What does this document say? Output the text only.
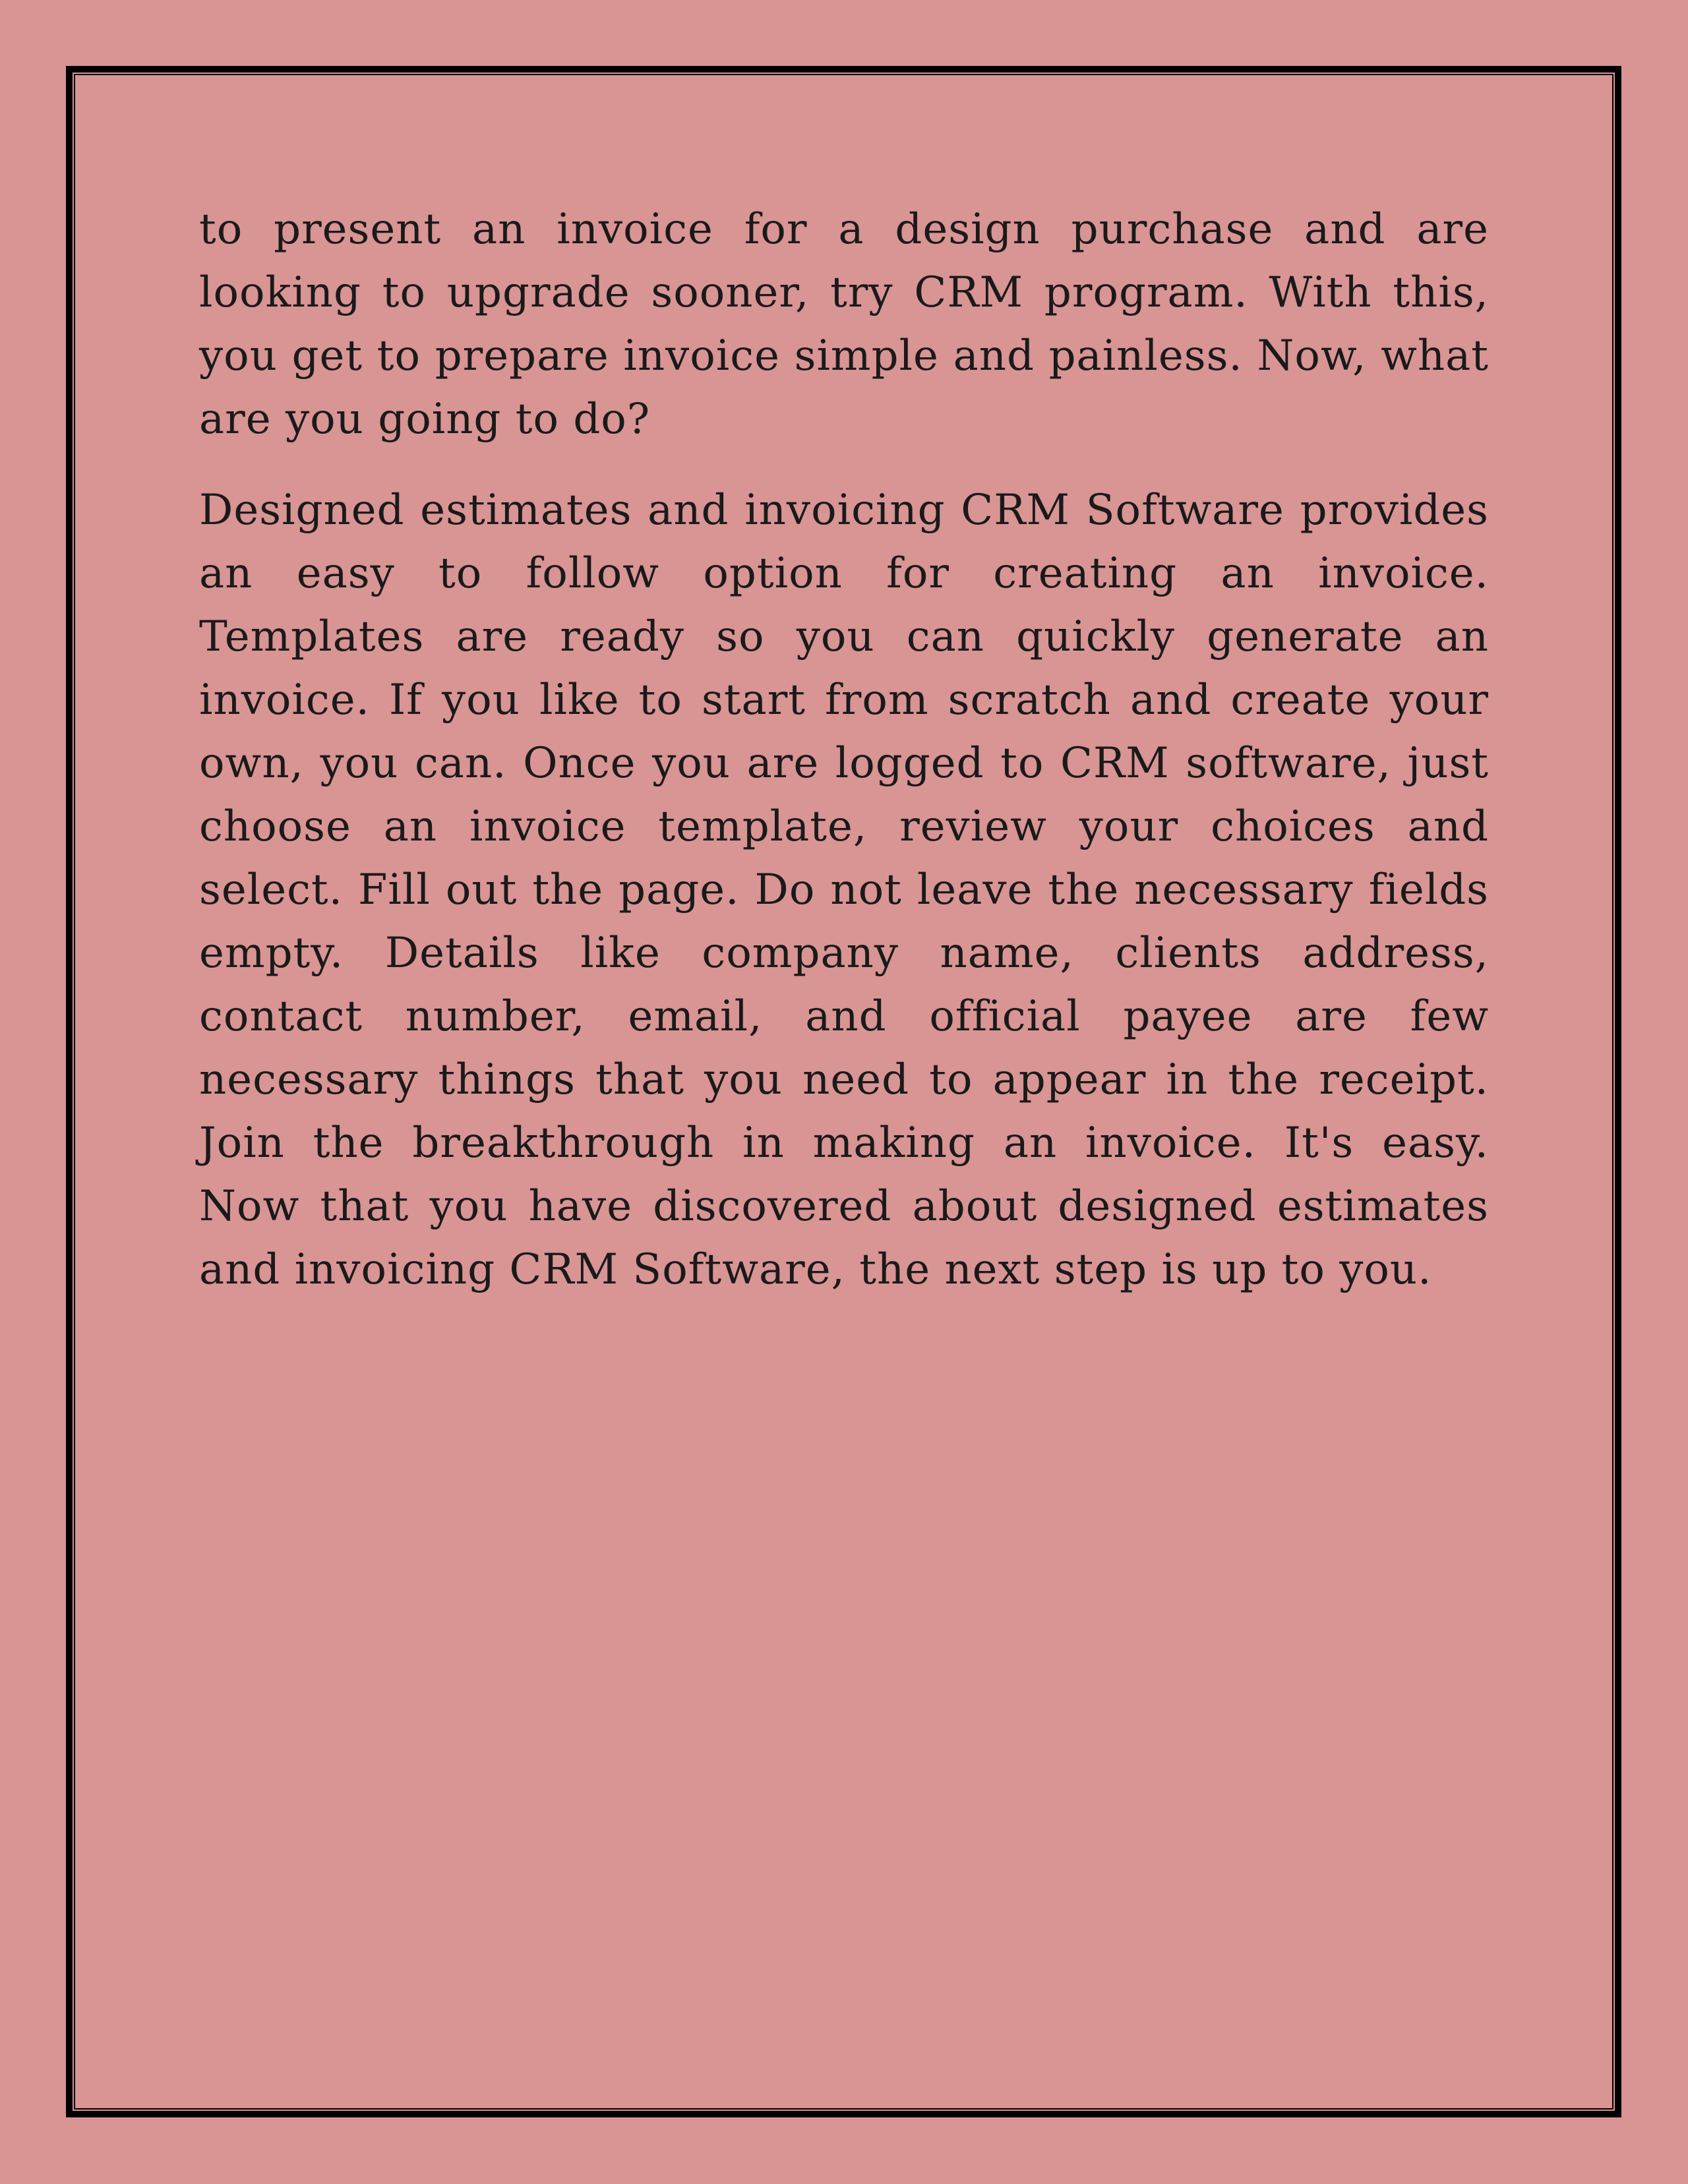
to present an invoice for a design purchase and are looking to upgrade sooner, try CRM program. With this, you get to prepare invoice simple and painless. Now, what are you going to do?

Designed estimates and invoicing CRM Software provides an easy to follow option for creating an invoice. Templates are ready so you can quickly generate an invoice. If you like to start from scratch and create your own, you can. Once you are logged to CRM software, just choose an invoice template, review your choices and select. Fill out the page. Do not leave the necessary fields empty. Details like company name, clients address, contact number, email, and official payee are few necessary things that you need to appear in the receipt. Join the breakthrough in making an invoice. It's easy. Now that you have discovered about designed estimates and invoicing CRM Software, the next step is up to you.
